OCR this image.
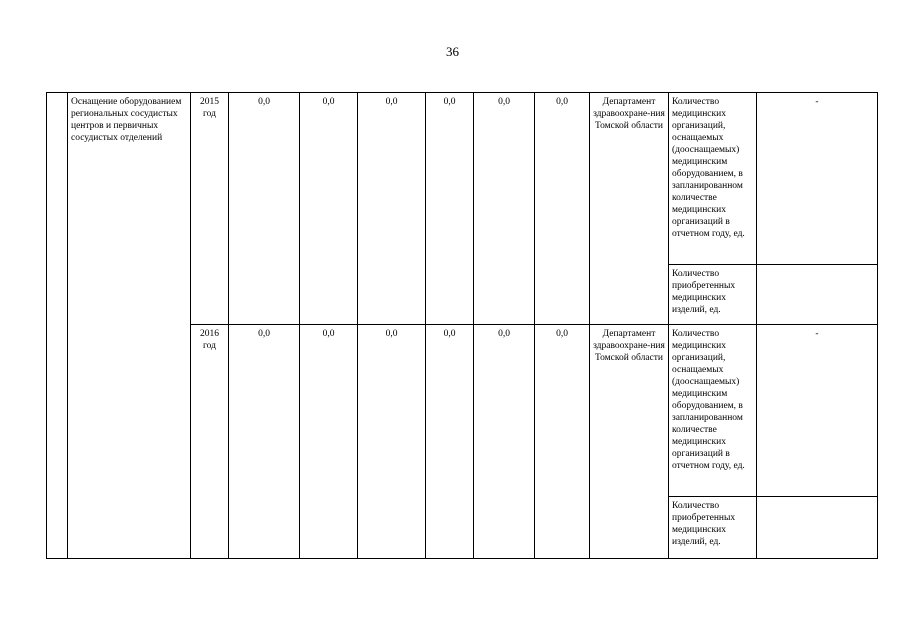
36
	Оснащение оборудованием региональных сосудистых центров и первичных сосудистых отделений	2015 год	0,0	0,0	0,0	0,0	0,0	0,0	Департамент здравоохране-ния Томской области	Количество медицинских организаций, оснащаемых (дооснащаемых) медицинским оборудованием, в запланированном количестве медицинских организаций в отчетном году, ед.	-
										Количество приобретенных медицинских изделий, ед.	
		2016 год	0,0	0,0	0,0	0,0	0,0	0,0	Департамент здравоохране-ния Томской области	Количество медицинских организаций, оснащаемых (дооснащаемых) медицинским оборудованием, в запланированном количестве медицинских организаций в отчетном году, ед.	-
										Количество приобретенных медицинских изделий, ед.	
